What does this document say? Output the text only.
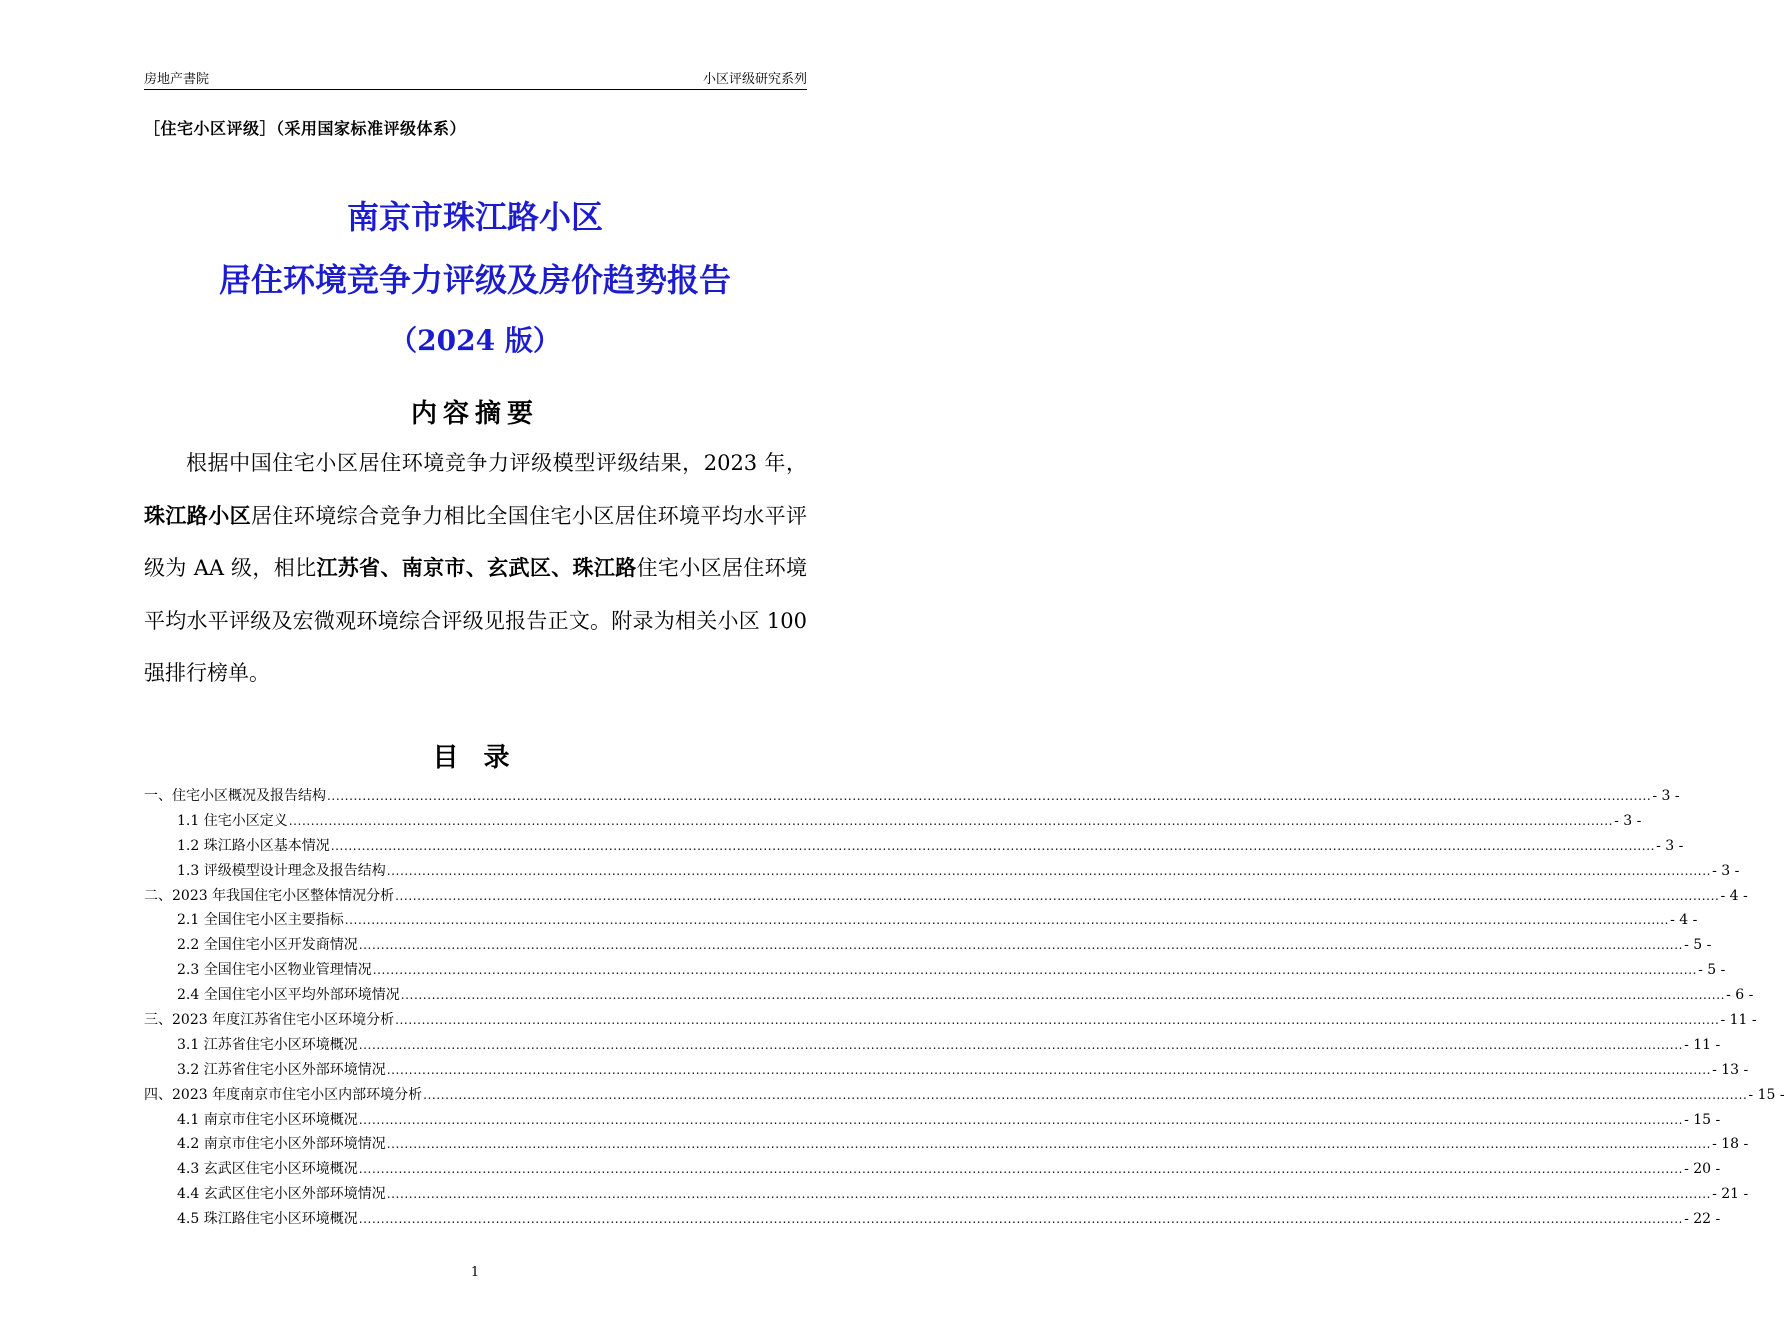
房地产書院	小区评级研究系列
［住宅小区评级］（采用国家标准评级体系）
南京市珠江路小区
居住环境竞争力评级及房价趋势报告
（2024 版）
内容摘要
根据中国住宅小区居住环境竞争力评级模型评级结果，2023 年，珠江路小区居住环境综合竞争力相比全国住宅小区居住环境平均水平评级为 AA 级，相比江苏省、南京市、玄武区、珠江路住宅小区居住环境平均水平评级及宏微观环境综合评级见报告正文。附录为相关小区 100 强排行榜单。
目 录
一、住宅小区概况及报告结构 ............................................................................................................................................................................................................................................................................................................ - 3 -
1.1 住宅小区定义 ............................................................................................................................................................................................................................................................................................................ - 3 -
1.2 珠江路小区基本情况 ............................................................................................................................................................................................................................................................................................................ - 3 -
1.3 评级模型设计理念及报告结构 ............................................................................................................................................................................................................................................................................................................ - 3 -
二、2023 年我国住宅小区整体情况分析 ............................................................................................................................................................................................................................................................................................................ - 4 -
2.1 全国住宅小区主要指标 ............................................................................................................................................................................................................................................................................................................ - 4 -
2.2 全国住宅小区开发商情况 ............................................................................................................................................................................................................................................................................................................ - 5 -
2.3 全国住宅小区物业管理情况 ............................................................................................................................................................................................................................................................................................................ - 5 -
2.4 全国住宅小区平均外部环境情况 ............................................................................................................................................................................................................................................................................................................ - 6 -
三、2023 年度江苏省住宅小区环境分析 ............................................................................................................................................................................................................................................................................................................ - 11 -
3.1 江苏省住宅小区环境概况 ............................................................................................................................................................................................................................................................................................................ - 11 -
3.2 江苏省住宅小区外部环境情况 ............................................................................................................................................................................................................................................................................................................ - 13 -
四、2023 年度南京市住宅小区内部环境分析 ............................................................................................................................................................................................................................................................................................................ - 15 -
4.1 南京市住宅小区环境概况 ............................................................................................................................................................................................................................................................................................................ - 15 -
4.2 南京市住宅小区外部环境情况 ............................................................................................................................................................................................................................................................................................................ - 18 -
4.3 玄武区住宅小区环境概况 ............................................................................................................................................................................................................................................................................................................ - 20 -
4.4 玄武区住宅小区外部环境情况 ............................................................................................................................................................................................................................................................................................................ - 21 -
4.5 珠江路住宅小区环境概况 ............................................................................................................................................................................................................................................................................................................ - 22 -
1
